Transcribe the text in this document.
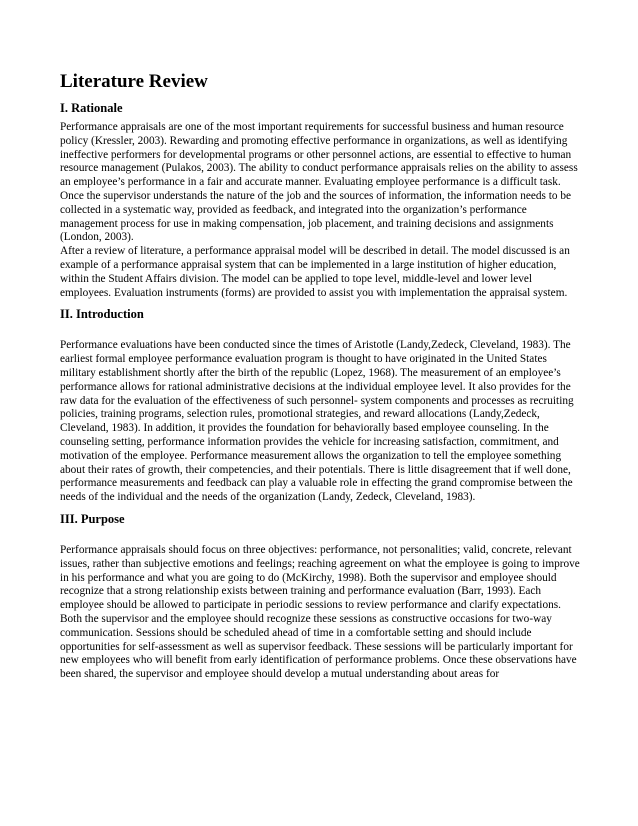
Literature Review
I. Rationale

Performance appraisals are one of the most important requirements for successful business and human resource policy (Kressler, 2003). Rewarding and promoting effective performance in organizations, as well as identifying ineffective performers for developmental programs or other personnel actions, are essential to effective to human resource management (Pulakos, 2003). The ability to conduct performance appraisals relies on the ability to assess an employee’s performance in a fair and accurate manner. Evaluating employee performance is a difficult task.

Once the supervisor understands the nature of the job and the sources of information, the information needs to be collected in a systematic way, provided as feedback, and integrated into the organization’s performance management process for use in making compensation, job placement, and training decisions and assignments (London, 2003).

After a review of literature, a performance appraisal model will be described in detail. The model discussed is an example of a performance appraisal system that can be implemented in a large institution of higher education, within the Student Affairs division. The model can be applied to tope level, middle-level and lower level employees. Evaluation instruments (forms) are provided to assist you with implementation the appraisal system.

II. Introduction

Performance evaluations have been conducted since the times of Aristotle (Landy,Zedeck, Cleveland, 1983). The earliest formal employee performance evaluation program is thought to have originated in the United States military establishment shortly after the birth of the republic (Lopez, 1968). The measurement of an employee’s performance allows for rational administrative decisions at the individual employee level. It also provides for the raw data for the evaluation of the effectiveness of such personnel- system components and processes as recruiting policies, training programs, selection rules, promotional strategies, and reward allocations (Landy,Zedeck, Cleveland, 1983). In addition, it provides the foundation for behaviorally based employee counseling. In the counseling setting, performance information provides the vehicle for increasing satisfaction, commitment, and motivation of the employee. Performance measurement allows the organization to tell the employee something about their rates of growth, their competencies, and their potentials. There is little disagreement that if well done, performance measurements and feedback can play a valuable role in effecting the grand compromise between the needs of the individual and the needs of the organization (Landy, Zedeck, Cleveland, 1983).

III. Purpose

Performance appraisals should focus on three objectives: performance, not personalities; valid, concrete, relevant issues, rather than subjective emotions and feelings; reaching agreement on what the employee is going to improve in his performance and what you are going to do (McKirchy, 1998). Both the supervisor and employee should recognize that a strong relationship exists between training and performance evaluation (Barr, 1993). Each employee should be allowed to participate in periodic sessions to review performance and clarify expectations. Both the supervisor and the employee should recognize these sessions as constructive occasions for two-way communication. Sessions should be scheduled ahead of time in a comfortable setting and should include opportunities for self-assessment as well as supervisor feedback. These sessions will be particularly important for new employees who will benefit from early identification of performance problems. Once these observations have been shared, the supervisor and employee should develop a mutual understanding about areas for
